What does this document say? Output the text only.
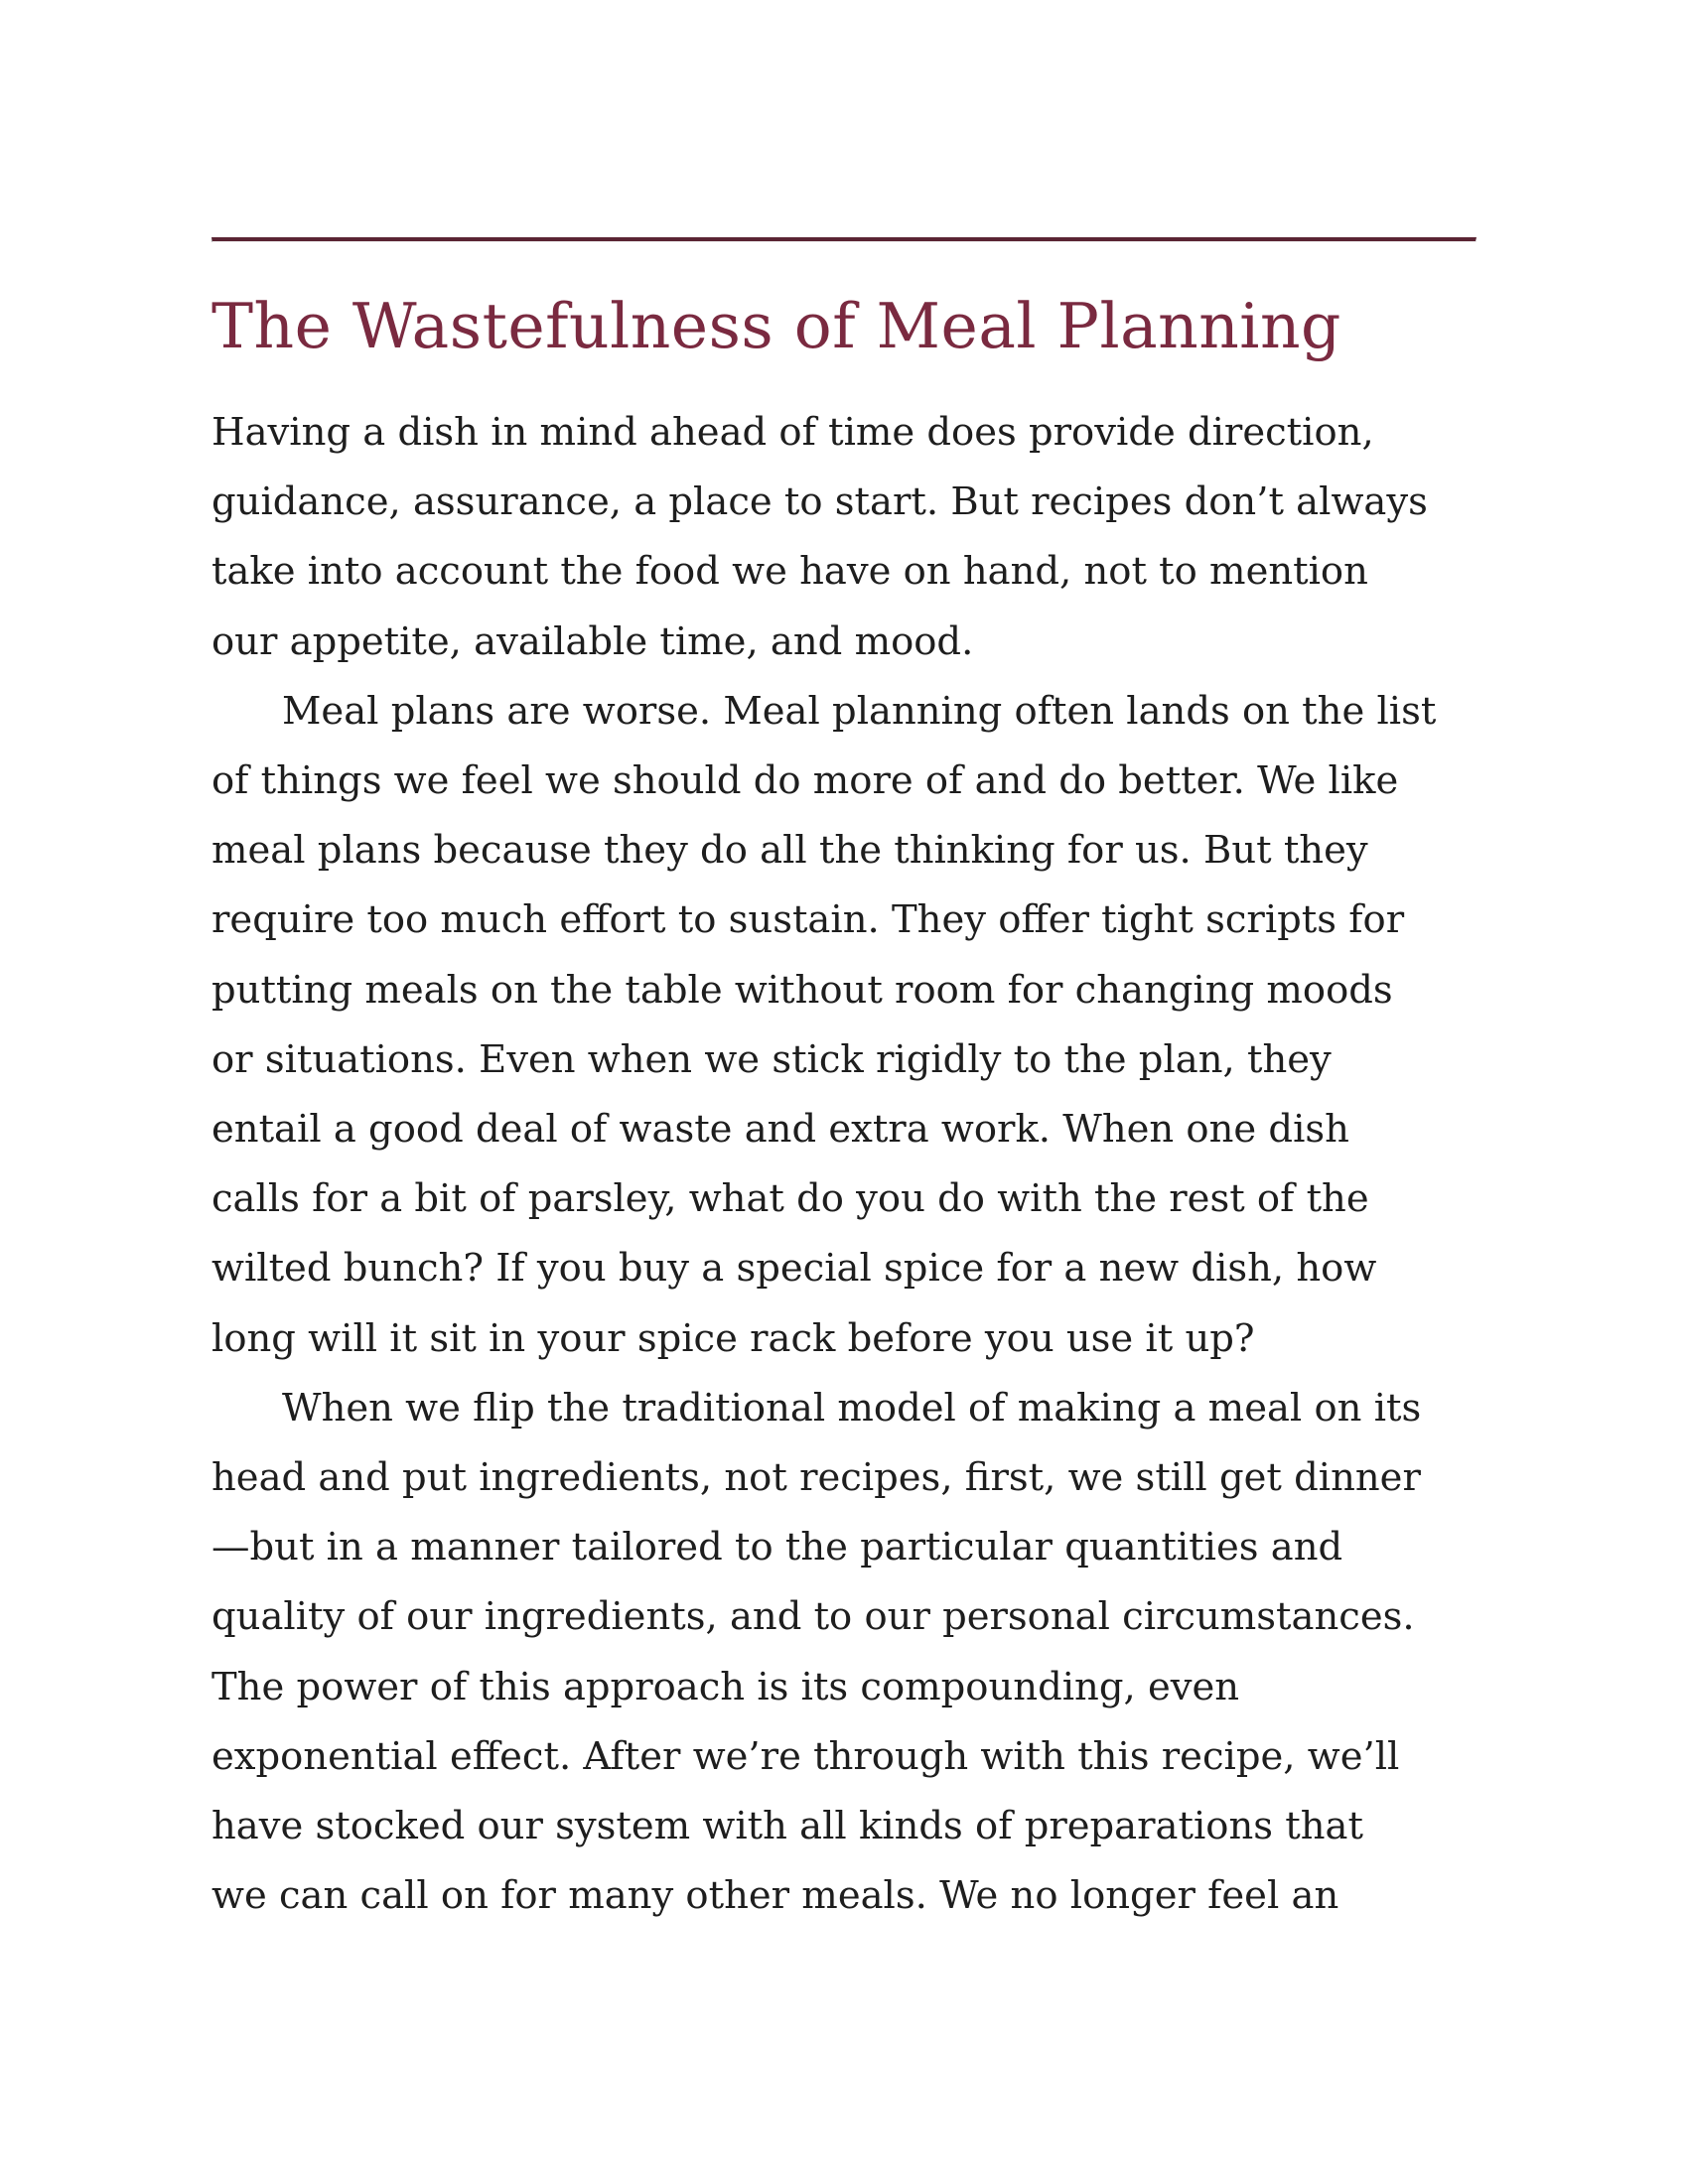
The Wastefulness of Meal Planning
Having a dish in mind ahead of time does provide direction,
guidance, assurance, a place to start. But recipes don’t always
take into account the food we have on hand, not to mention
our appetite, available time, and mood.
Meal plans are worse. Meal planning often lands on the list
of things we feel we should do more of and do better. We like
meal plans because they do all the thinking for us. But they
require too much effort to sustain. They offer tight scripts for
putting meals on the table without room for changing moods
or situations. Even when we stick rigidly to the plan, they
entail a good deal of waste and extra work. When one dish
calls for a bit of parsley, what do you do with the rest of the
wilted bunch? If you buy a special spice for a new dish, how
long will it sit in your spice rack before you use it up?
When we flip the traditional model of making a meal on its
head and put ingredients, not recipes, first, we still get dinner
—but in a manner tailored to the particular quantities and
quality of our ingredients, and to our personal circumstances.
The power of this approach is its compounding, even
exponential effect. After we’re through with this recipe, we’ll
have stocked our system with all kinds of preparations that
we can call on for many other meals. We no longer feel an
